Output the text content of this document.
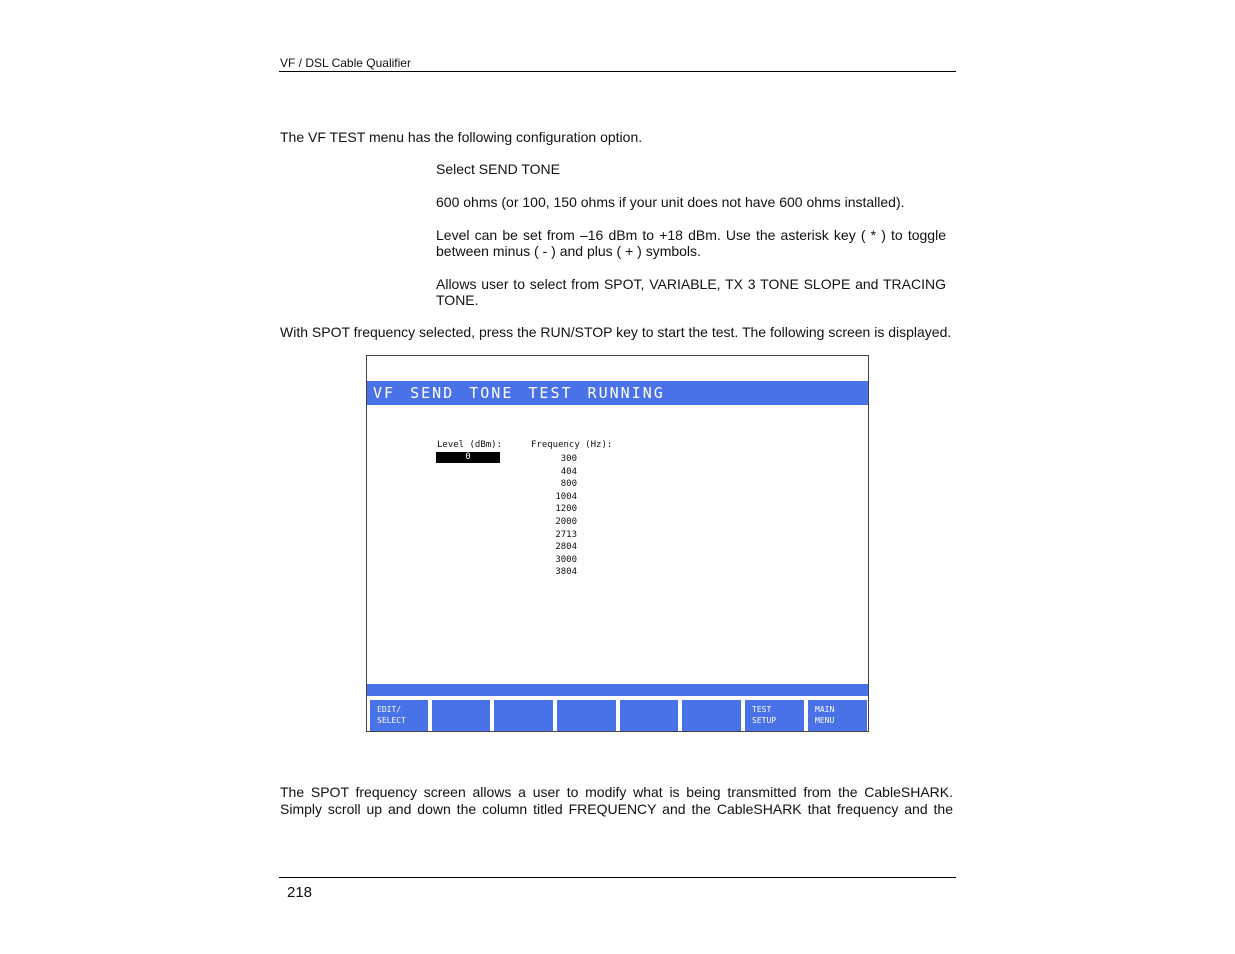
VF / DSL Cable Qualifier
The VF TEST menu has the following configuration option.
Select SEND TONE
600 ohms (or 100, 150 ohms if your unit does not have 600 ohms installed).
Level can be set from –16 dBm to +18 dBm. Use the asterisk key ( * ) to toggle between minus ( - ) and plus ( + ) symbols.
Allows user to select from SPOT, VARIABLE, TX 3 TONE SLOPE and TRACING TONE.
With SPOT frequency selected, press the RUN/STOP key to start the test. The following screen is displayed.
VF SEND TONE TEST RUNNING
Level (dBm):	Frequency (Hz):
0	300
404
800
1004
1200
2000
2713
2804
3000
3804
EDIT/
SELECT
TEST
SETUP
MAIN
MENU
The SPOT frequency screen allows a user to modify what is being transmitted from the CableSHARK. Simply scroll up and down the column titled FREQUENCY and the CableSHARK that frequency and the
218
